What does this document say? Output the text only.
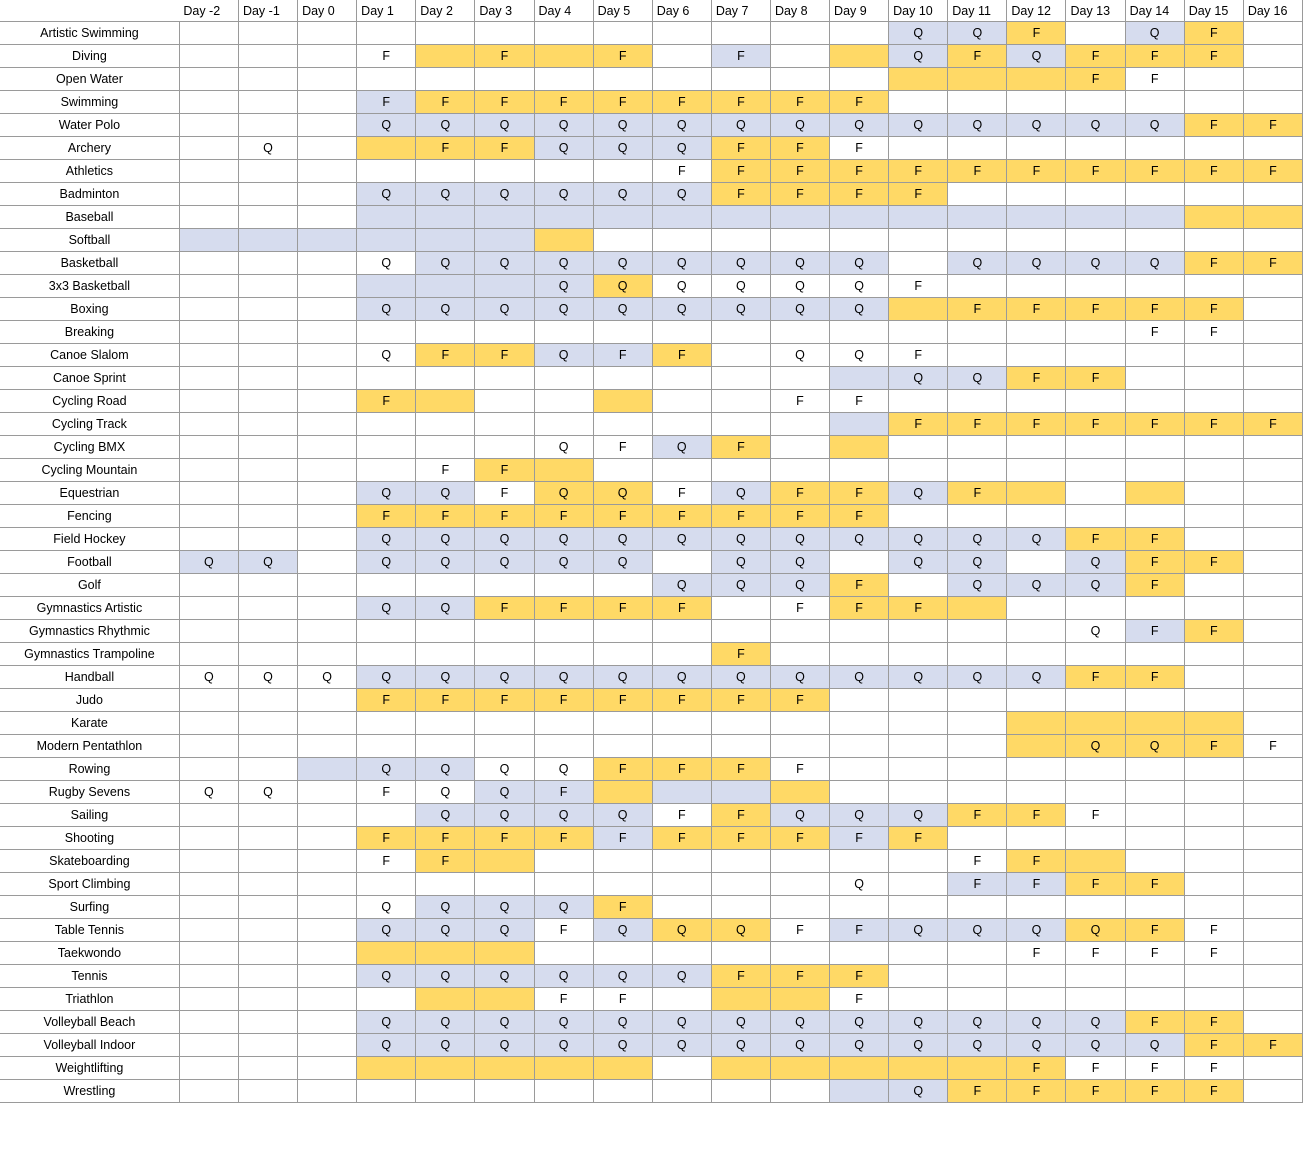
	Day -2	Day -1	Day 0	Day 1	Day 2	Day 3	Day 4	Day 5	Day 6	Day 7	Day 8	Day 9	Day 10	Day 11	Day 12	Day 13	Day 14	Day 15	Day 16
Artistic Swimming													Q	Q	F		Q	F	
Diving				F		F		F		F			Q	F	Q	F	F	F	
Open Water																F	F		
Swimming				F	F	F	F	F	F	F	F	F							
Water Polo				Q	Q	Q	Q	Q	Q	Q	Q	Q	Q	Q	Q	Q	Q	F	F
Archery		Q			F	F	Q	Q	Q	F	F	F							
Athletics									F	F	F	F	F	F	F	F	F	F	F
Badminton				Q	Q	Q	Q	Q	Q	F	F	F	F						
Baseball																			
Softball																			
Basketball				Q	Q	Q	Q	Q	Q	Q	Q	Q		Q	Q	Q	Q	F	F
3x3 Basketball							Q	Q	Q	Q	Q	Q	F						
Boxing				Q	Q	Q	Q	Q	Q	Q	Q	Q		F	F	F	F	F	
Breaking																	F	F	
Canoe Slalom				Q	F	F	Q	F	F		Q	Q	F						
Canoe Sprint													Q	Q	F	F			
Cycling Road				F							F	F							
Cycling Track													F	F	F	F	F	F	F
Cycling BMX							Q	F	Q	F									
Cycling Mountain					F	F													
Equestrian				Q	Q	F	Q	Q	F	Q	F	F	Q	F					
Fencing				F	F	F	F	F	F	F	F	F							
Field Hockey				Q	Q	Q	Q	Q	Q	Q	Q	Q	Q	Q	Q	F	F		
Football	Q	Q		Q	Q	Q	Q	Q		Q	Q		Q	Q		Q	F	F	
Golf									Q	Q	Q	F		Q	Q	Q	F		
Gymnastics Artistic				Q	Q	F	F	F	F		F	F	F						
Gymnastics Rhythmic																Q	F	F	
Gymnastics Trampoline										F									
Handball	Q	Q	Q	Q	Q	Q	Q	Q	Q	Q	Q	Q	Q	Q	Q	F	F		
Judo				F	F	F	F	F	F	F	F								
Karate																			
Modern Pentathlon																Q	Q	F	F
Rowing				Q	Q	Q	Q	F	F	F	F								
Rugby Sevens	Q	Q		F	Q	Q	F												
Sailing					Q	Q	Q	Q	F	F	Q	Q	Q	F	F	F			
Shooting				F	F	F	F	F	F	F	F	F	F						
Skateboarding				F	F									F	F				
Sport Climbing												Q		F	F	F	F		
Surfing				Q	Q	Q	Q	F											
Table Tennis				Q	Q	Q	F	Q	Q	Q	F	F	Q	Q	Q	Q	F	F	
Taekwondo															F	F	F	F	
Tennis				Q	Q	Q	Q	Q	Q	F	F	F							
Triathlon							F	F				F							
Volleyball Beach				Q	Q	Q	Q	Q	Q	Q	Q	Q	Q	Q	Q	Q	F	F	
Volleyball Indoor				Q	Q	Q	Q	Q	Q	Q	Q	Q	Q	Q	Q	Q	Q	F	F
Weightlifting															F	F	F	F	
Wrestling													Q	F	F	F	F	F	
